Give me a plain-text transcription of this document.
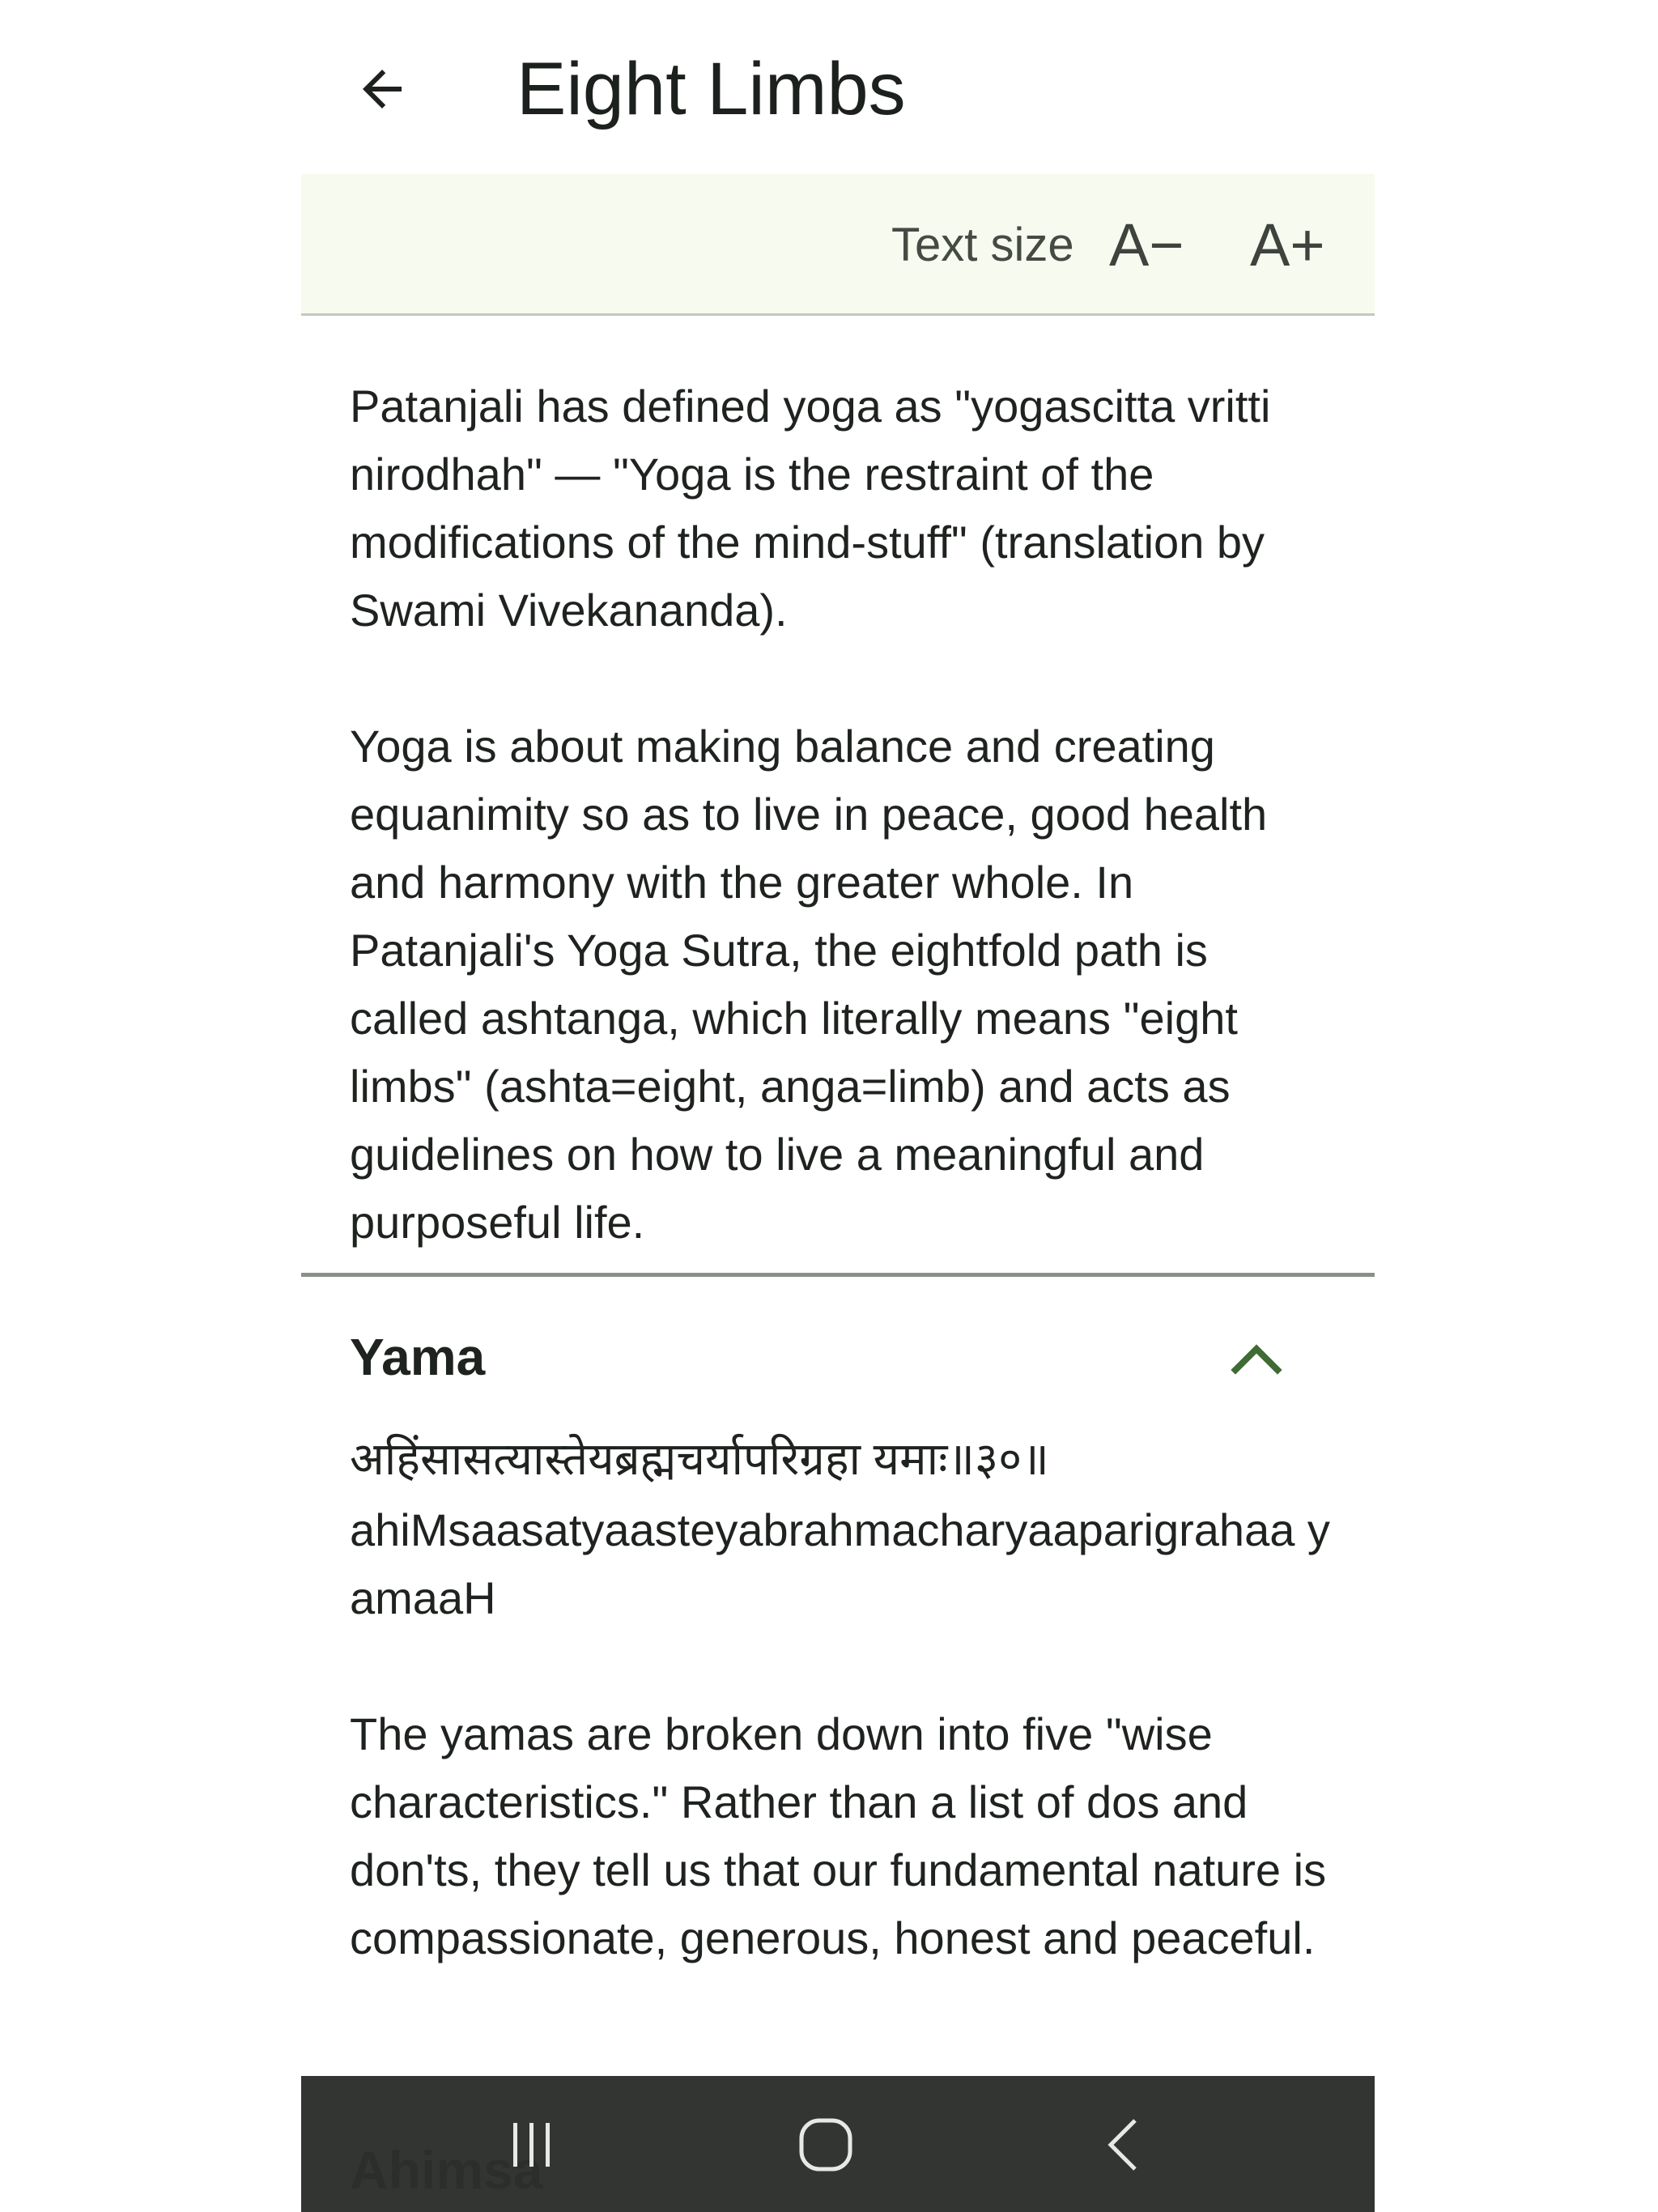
Eight Limbs
Text size A− A+

Patanjali has defined yoga as "yogascitta vritti nirodhah" — "Yoga is the restraint of the modifications of the mind-stuff" (translation by Swami Vivekananda).

Yoga is about making balance and creating equanimity so as to live in peace, good health and harmony with the greater whole. In Patanjali's Yoga Sutra, the eightfold path is called ashtanga, which literally means "eight limbs" (ashta=eight, anga=limb) and acts as guidelines on how to live a meaningful and purposeful life.

Yama

अहिंसासत्यास्तेयब्रह्मचर्यापरिग्रहा यमाः॥३०॥

ahiMsaasatyaasteyabrahmacharyaaparigrahaa yamaaH

The yamas are broken down into five "wise characteristics." Rather than a list of dos and don'ts, they tell us that our fundamental nature is compassionate, generous, honest and peaceful.
